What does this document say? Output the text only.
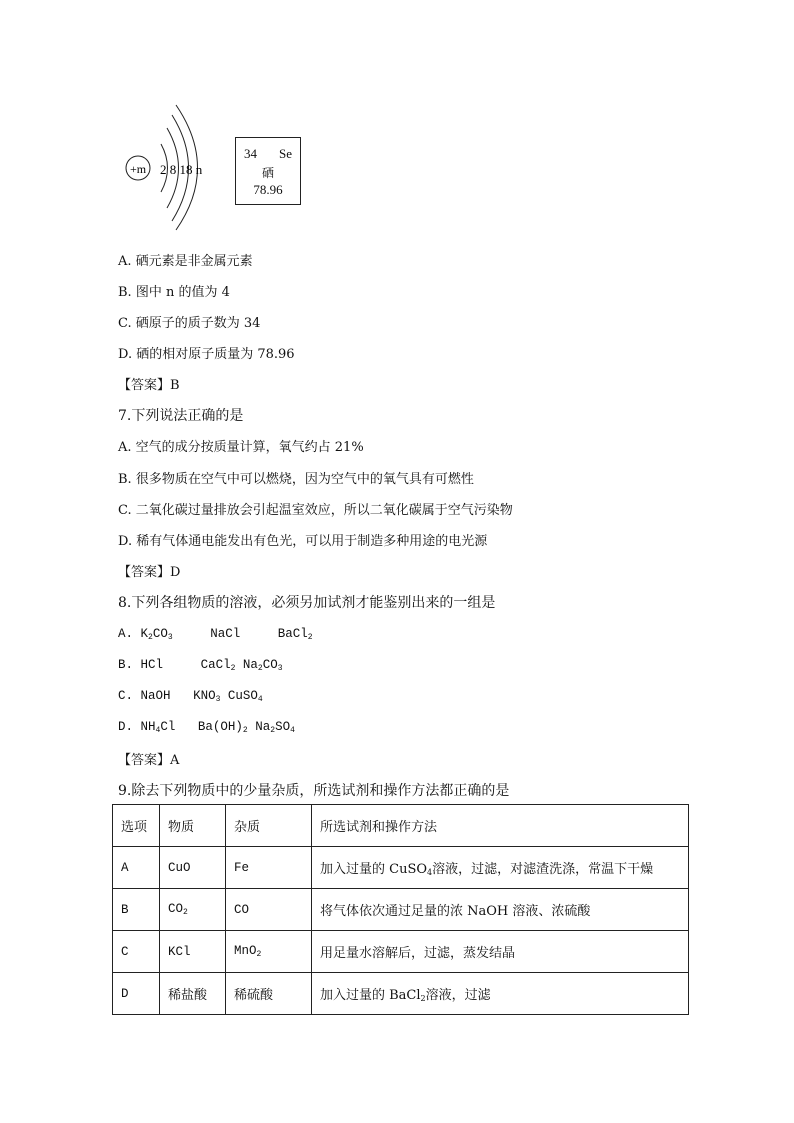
+m 2 8 18 n
34 Se
硒
78.96
A. 硒元素是非金属元素
B. 图中 n 的值为 4
C. 硒原子的质子数为 34
D. 硒的相对原子质量为 78.96
【答案】B
7.下列说法正确的是
A. 空气的成分按质量计算，氧气约占 21%
B. 很多物质在空气中可以燃烧，因为空气中的氧气具有可燃性
C. 二氧化碳过量排放会引起温室效应，所以二氧化碳属于空气污染物
D. 稀有气体通电能发出有色光，可以用于制造多种用途的电光源
【答案】D
8.下列各组物质的溶液，必须另加试剂才能鉴别出来的一组是
A. $K_2CO_3$	NaCl	BaCl$_2$
B. HCl	CaCl$_2$ $Na_2CO_3$
C. NaOH $KNO_3$ CuSO$_4$
D. $NH_4Cl$ $Ba(OH)_2$ $Na_2SO_4$
【答案】A
9.除去下列物质中的少量杂质，所选试剂和操作方法都正确的是
选项	物质	杂质	所选试剂和操作方法
A	CuO	Fe	加入过量的 CuSO$_4$溶液，过滤，对滤渣洗涤，常温下干燥
B	$CO_2$	CO	将气体依次通过足量的浓 NaOH 溶液、浓硫酸
C	KCl	MnO$_2$	用足量水溶解后，过滤，蒸发结晶
D	稀盐酸	稀硫酸	加入过量的 BaCl$_2$溶液，过滤
